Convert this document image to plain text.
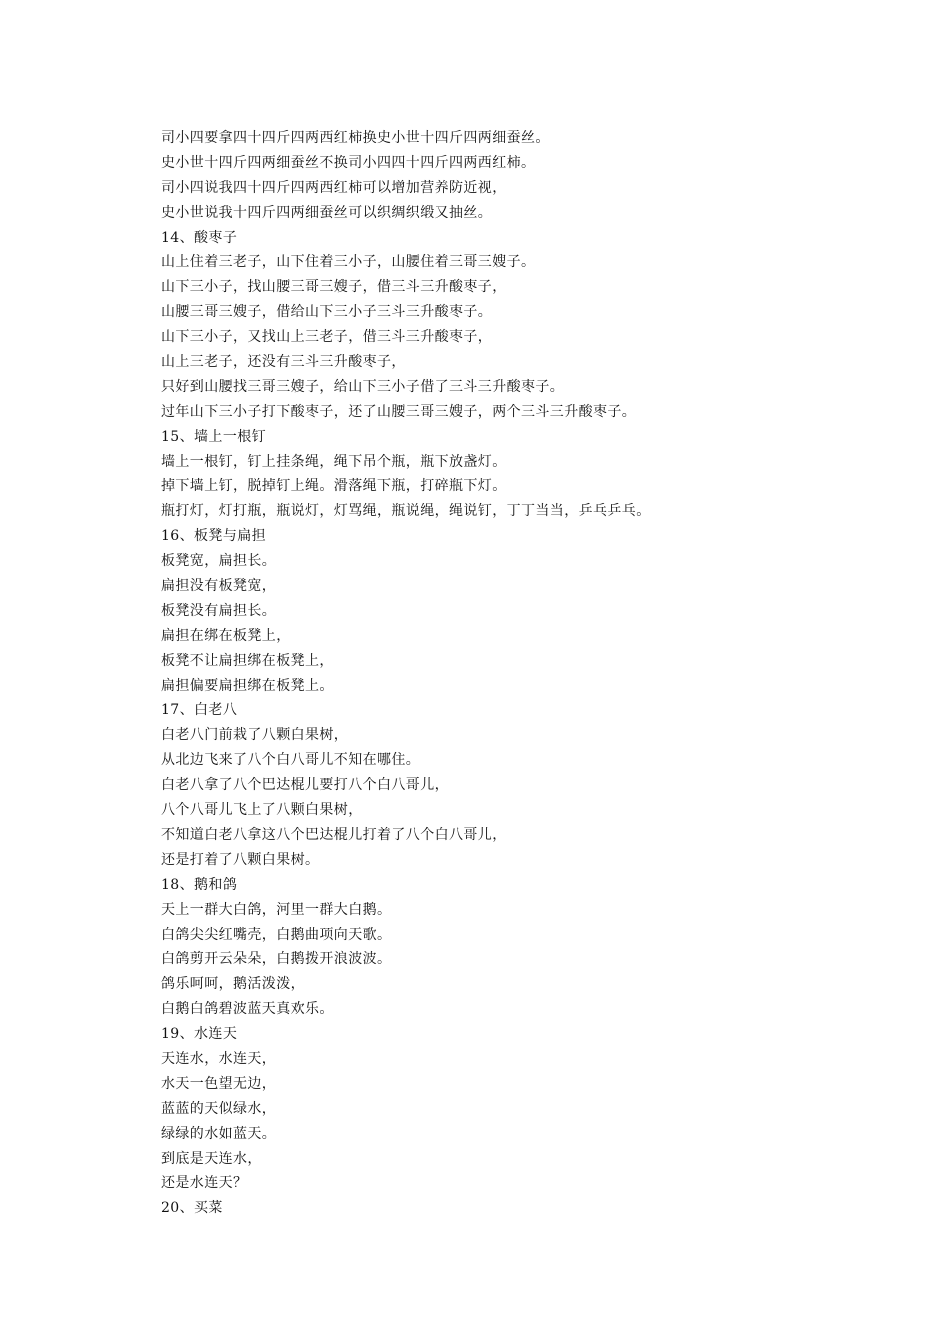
司小四要拿四十四斤四两西红柿换史小世十四斤四两细蚕丝。
史小世十四斤四两细蚕丝不换司小四四十四斤四两西红柿。
司小四说我四十四斤四两西红柿可以增加营养防近视，
史小世说我十四斤四两细蚕丝可以织绸织缎又抽丝。
14、酸枣子
山上住着三老子，山下住着三小子，山腰住着三哥三嫂子。
山下三小子，找山腰三哥三嫂子，借三斗三升酸枣子，
山腰三哥三嫂子，借给山下三小子三斗三升酸枣子。
山下三小子，又找山上三老子，借三斗三升酸枣子，
山上三老子，还没有三斗三升酸枣子，
只好到山腰找三哥三嫂子，给山下三小子借了三斗三升酸枣子。
过年山下三小子打下酸枣子，还了山腰三哥三嫂子，两个三斗三升酸枣子。
15、墙上一根钉
墙上一根钉，钉上挂条绳，绳下吊个瓶，瓶下放盏灯。
掉下墙上钉，脱掉钉上绳。滑落绳下瓶，打碎瓶下灯。
瓶打灯，灯打瓶，瓶说灯，灯骂绳，瓶说绳，绳说钉，丁丁当当，乒乓乒乓。
16、板凳与扁担
板凳宽，扁担长。
扁担没有板凳宽，
板凳没有扁担长。
扁担在绑在板凳上，
板凳不让扁担绑在板凳上，
扁担偏要扁担绑在板凳上。
17、白老八
白老八门前栽了八颗白果树，
从北边飞来了八个白八哥儿不知在哪住。
白老八拿了八个巴达棍儿要打八个白八哥儿，
八个八哥儿飞上了八颗白果树，
不知道白老八拿这八个巴达棍儿打着了八个白八哥儿，
还是打着了八颗白果树。
18、鹅和鸽
天上一群大白鸽，河里一群大白鹅。
白鸽尖尖红嘴壳，白鹅曲项向天歌。
白鸽剪开云朵朵，白鹅拨开浪波波。
鸽乐呵呵，鹅活泼泼，
白鹅白鸽碧波蓝天真欢乐。
19、水连天
天连水，水连天，
水天一色望无边，
蓝蓝的天似绿水，
绿绿的水如蓝天。
到底是天连水，
还是水连天？
20、买菜
